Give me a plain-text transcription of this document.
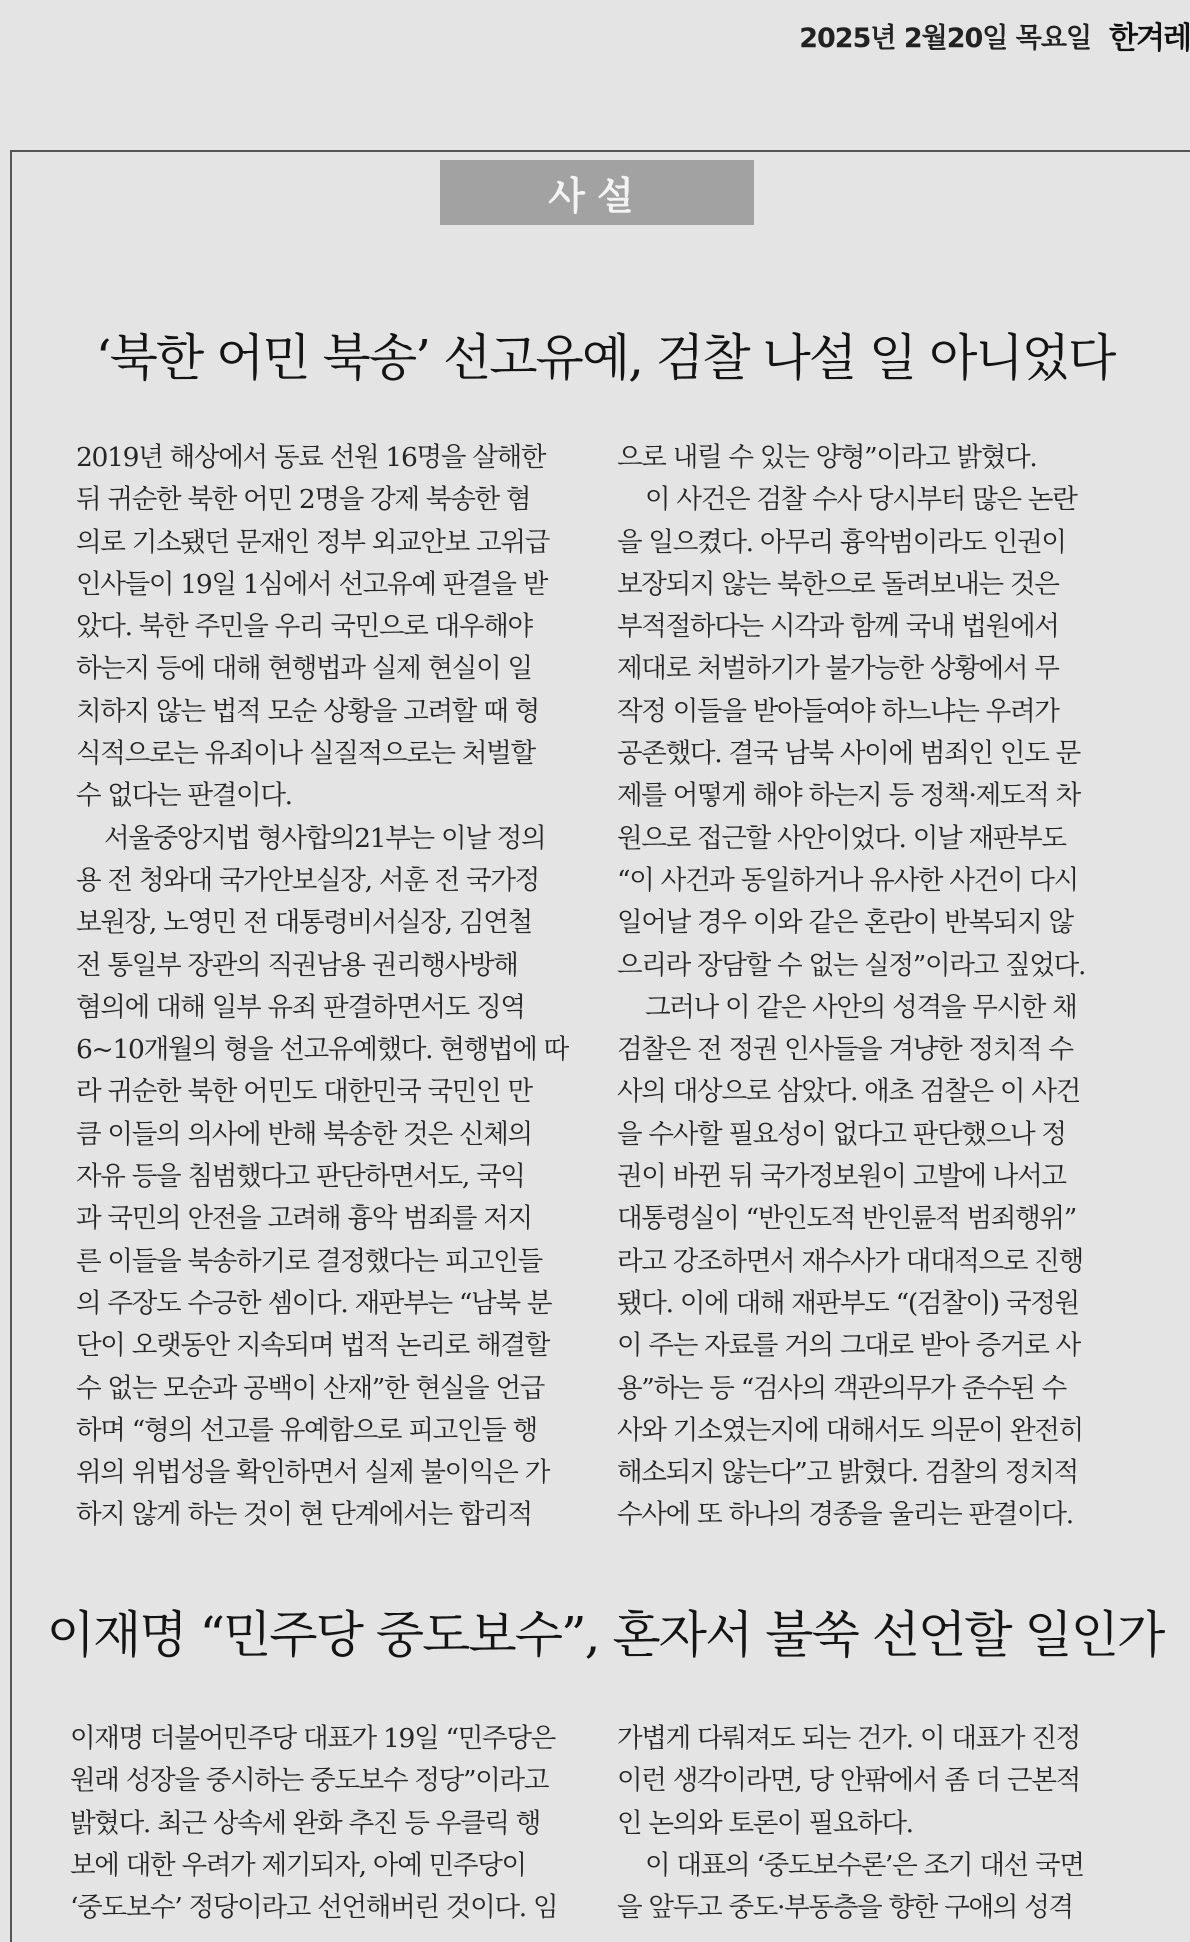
2025년 2월20일 목요일 한겨레
사설
‘북한 어민 북송’ 선고유예, 검찰 나설 일 아니었다
2019년 해상에서 동료 선원 16명을 살해한
뒤 귀순한 북한 어민 2명을 강제 북송한 혐
의로 기소됐던 문재인 정부 외교안보 고위급
인사들이 19일 1심에서 선고유예 판결을 받
았다. 북한 주민을 우리 국민으로 대우해야
하는지 등에 대해 현행법과 실제 현실이 일
치하지 않는 법적 모순 상황을 고려할 때 형
식적으로는 유죄이나 실질적으로는 처벌할
수 없다는 판결이다.
서울중앙지법 형사합의21부는 이날 정의
용 전 청와대 국가안보실장, 서훈 전 국가정
보원장, 노영민 전 대통령비서실장, 김연철
전 통일부 장관의 직권남용 권리행사방해
혐의에 대해 일부 유죄 판결하면서도 징역
6~10개월의 형을 선고유예했다. 현행법에 따
라 귀순한 북한 어민도 대한민국 국민인 만
큼 이들의 의사에 반해 북송한 것은 신체의
자유 등을 침범했다고 판단하면서도, 국익
과 국민의 안전을 고려해 흉악 범죄를 저지
른 이들을 북송하기로 결정했다는 피고인들
의 주장도 수긍한 셈이다. 재판부는 “남북 분
단이 오랫동안 지속되며 법적 논리로 해결할
수 없는 모순과 공백이 산재”한 현실을 언급
하며 “형의 선고를 유예함으로 피고인들 행
위의 위법성을 확인하면서 실제 불이익은 가
하지 않게 하는 것이 현 단계에서는 합리적
으로 내릴 수 있는 양형”이라고 밝혔다.
이 사건은 검찰 수사 당시부터 많은 논란
을 일으켰다. 아무리 흉악범이라도 인권이
보장되지 않는 북한으로 돌려보내는 것은
부적절하다는 시각과 함께 국내 법원에서
제대로 처벌하기가 불가능한 상황에서 무
작정 이들을 받아들여야 하느냐는 우려가
공존했다. 결국 남북 사이에 범죄인 인도 문
제를 어떻게 해야 하는지 등 정책·제도적 차
원으로 접근할 사안이었다. 이날 재판부도
“이 사건과 동일하거나 유사한 사건이 다시
일어날 경우 이와 같은 혼란이 반복되지 않
으리라 장담할 수 없는 실정”이라고 짚었다.
그러나 이 같은 사안의 성격을 무시한 채
검찰은 전 정권 인사들을 겨냥한 정치적 수
사의 대상으로 삼았다. 애초 검찰은 이 사건
을 수사할 필요성이 없다고 판단했으나 정
권이 바뀐 뒤 국가정보원이 고발에 나서고
대통령실이 “반인도적 반인륜적 범죄행위”
라고 강조하면서 재수사가 대대적으로 진행
됐다. 이에 대해 재판부도 “(검찰이) 국정원
이 주는 자료를 거의 그대로 받아 증거로 사
용”하는 등 “검사의 객관의무가 준수된 수
사와 기소였는지에 대해서도 의문이 완전히
해소되지 않는다”고 밝혔다. 검찰의 정치적
수사에 또 하나의 경종을 울리는 판결이다.
이재명 “민주당 중도보수”, 혼자서 불쑥 선언할 일인가
이재명 더불어민주당 대표가 19일 “민주당은
원래 성장을 중시하는 중도보수 정당”이라고
밝혔다. 최근 상속세 완화 추진 등 우클릭 행
보에 대한 우려가 제기되자, 아예 민주당이
‘중도보수’ 정당이라고 선언해버린 것이다. 임
가볍게 다뤄져도 되는 건가. 이 대표가 진정
이런 생각이라면, 당 안팎에서 좀 더 근본적
인 논의와 토론이 필요하다.
이 대표의 ‘중도보수론’은 조기 대선 국면
을 앞두고 중도·부동층을 향한 구애의 성격
